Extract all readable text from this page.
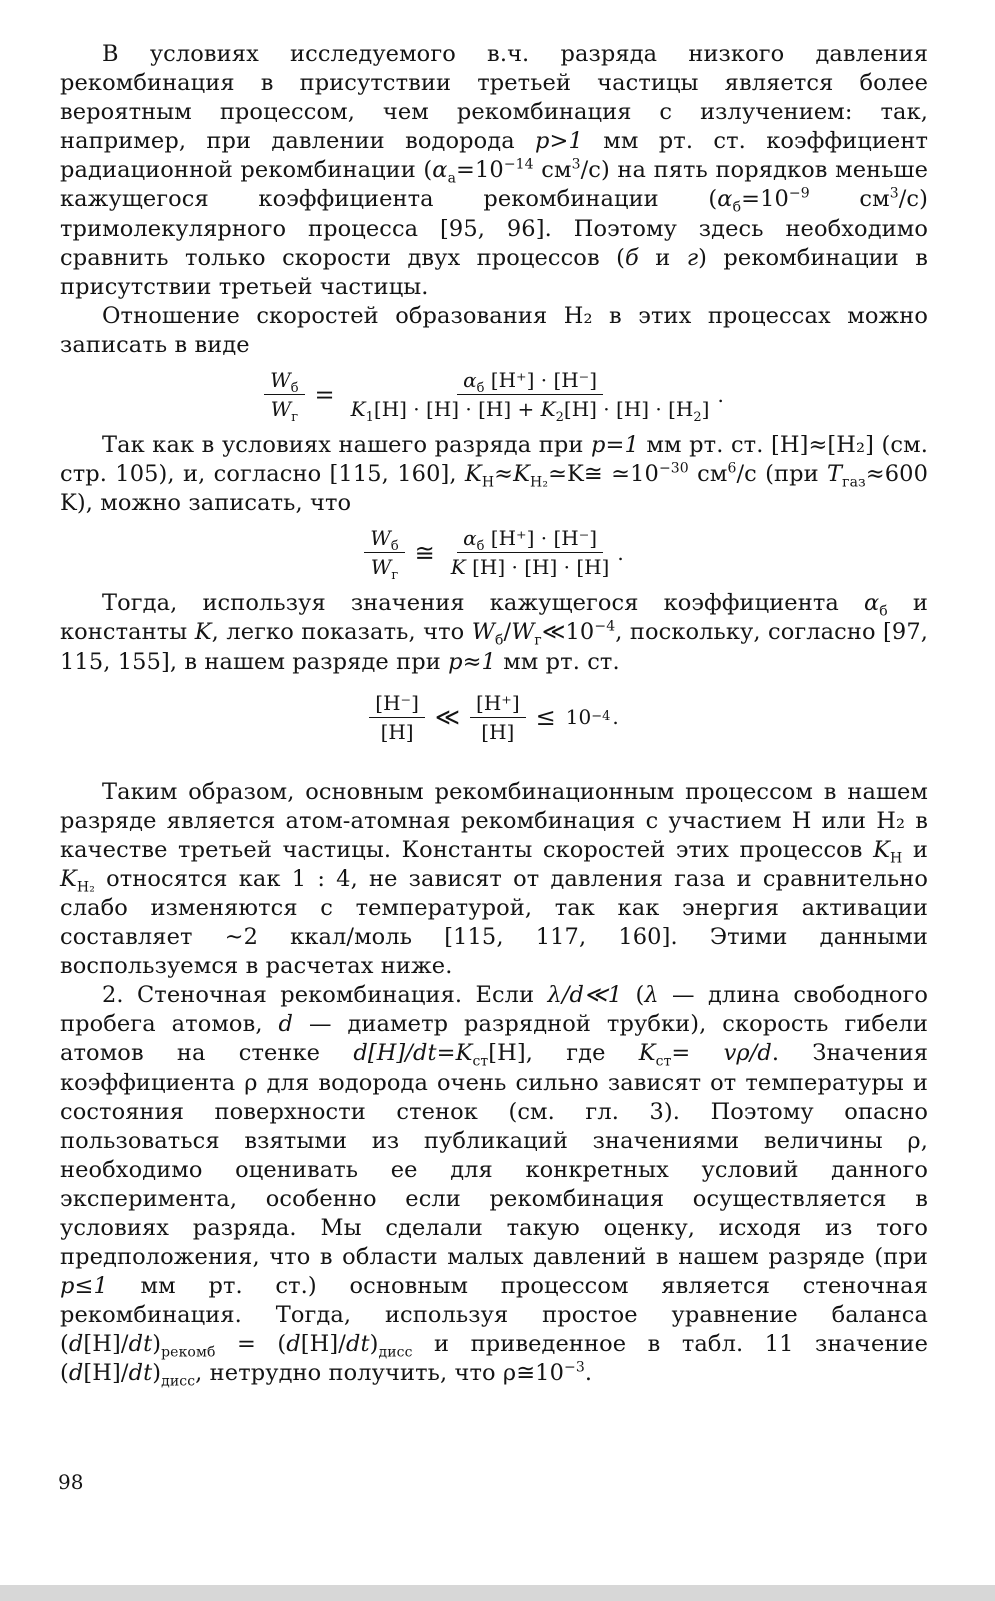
В условиях исследуемого в.ч. разряда низкого давления рекомбинация в присутствии третьей частицы является более вероятным процессом, чем рекомбинация с излучением: так, например, при давлении водорода p>1 мм рт. ст. коэффициент радиационной рекомбинации ($\alpha_a=10^{-14}$ $см^3/с$) на пять порядков меньше кажущегося коэффициента рекомбинации ($\alpha_б=10^{-9}$ $см^3/с$) тримолекулярного процесса [95, 96]. Поэтому здесь необходимо сравнить только скорости двух процессов (б и г) рекомбинации в присутствии третьей частицы.

Отношение скоростей образования H₂ в этих процессах можно записать в виде

$\frac{W_б}{W_г} = \frac{\alpha_б [H^+] \cdot [H^-]}{K_1[H] \cdot [H] \cdot [H] + K_2[H] \cdot [H] \cdot [H_2]}$ .

Так как в условиях нашего разряда при p=1 мм рт. ст. [H]≈[H₂] (см. стр. 105), и, согласно [115, 160], $K_H\approx K_{H_2}≃K≅$ $≃10^{-30}$ $см^6/с$ (при $T_{газ}\approx 600$ K), можно записать, что

$\frac{W_б}{W_г}$ ≅ $\frac{\alpha_б [H^+] \cdot [H^-]}{K [H] \cdot [H] \cdot [H]}$ .

Тогда, используя значения кажущегося коэффициента $\alpha_б$ и константы K, легко показать, что $W_б/W_г≪10^{-4}$, поскольку, согласно [97, 115, 155], в нашем разряде при p≈1 мм рт. ст.

$\frac{[H^-]}{[H]}$ ≪ $\frac{[H^+]}{[H]} \le 10 -4$ .

Таким образом, основным рекомбинационным процессом в нашем разряде является атом-атомная рекомбинация с участием H или H₂ в качестве третьей частицы. Константы скоростей этих процессов $K_H$ и $K_{H_2}$ относятся как 1 : 4, не зависят от давления газа и сравнительно слабо изменяются с температурой, так как энергия активации составляет ~2 ккал/моль [115, 117, 160]. Этими данными воспользуемся в расчетах ниже.

2. Стеночная рекомбинация. Если λ/d≪1 (λ — длина свободного пробега атомов, d — диаметр разрядной трубки), скорость гибели атомов на стенке $d[H]/dt=K_{ст}[H]$, где $K_{ст}= v\rho/d$. Значения коэффициента ρ для водорода очень сильно зависят от температуры и состояния поверхности стенок (см. гл. 3). Поэтому опасно пользоваться взятыми из публикаций значениями величины ρ, необходимо оценивать ее для конкретных условий данного эксперимента, особенно если рекомбинация осуществляется в условиях разряда. Мы сделали такую оценку, исходя из того предположения, что в области малых давлений в нашем разряде (при p≤1 мм рт. ст.) основным процессом является стеночная рекомбинация. Тогда, используя простое уравнение баланса $(d[H]/dt)_{рекомб} = (d[H]/dt)_{дисс}$ и приведенное в табл. 11 значение $(d[H]/dt)_{дисс}$, нетрудно получить, что $\rho≅10^{-3}$.

98
